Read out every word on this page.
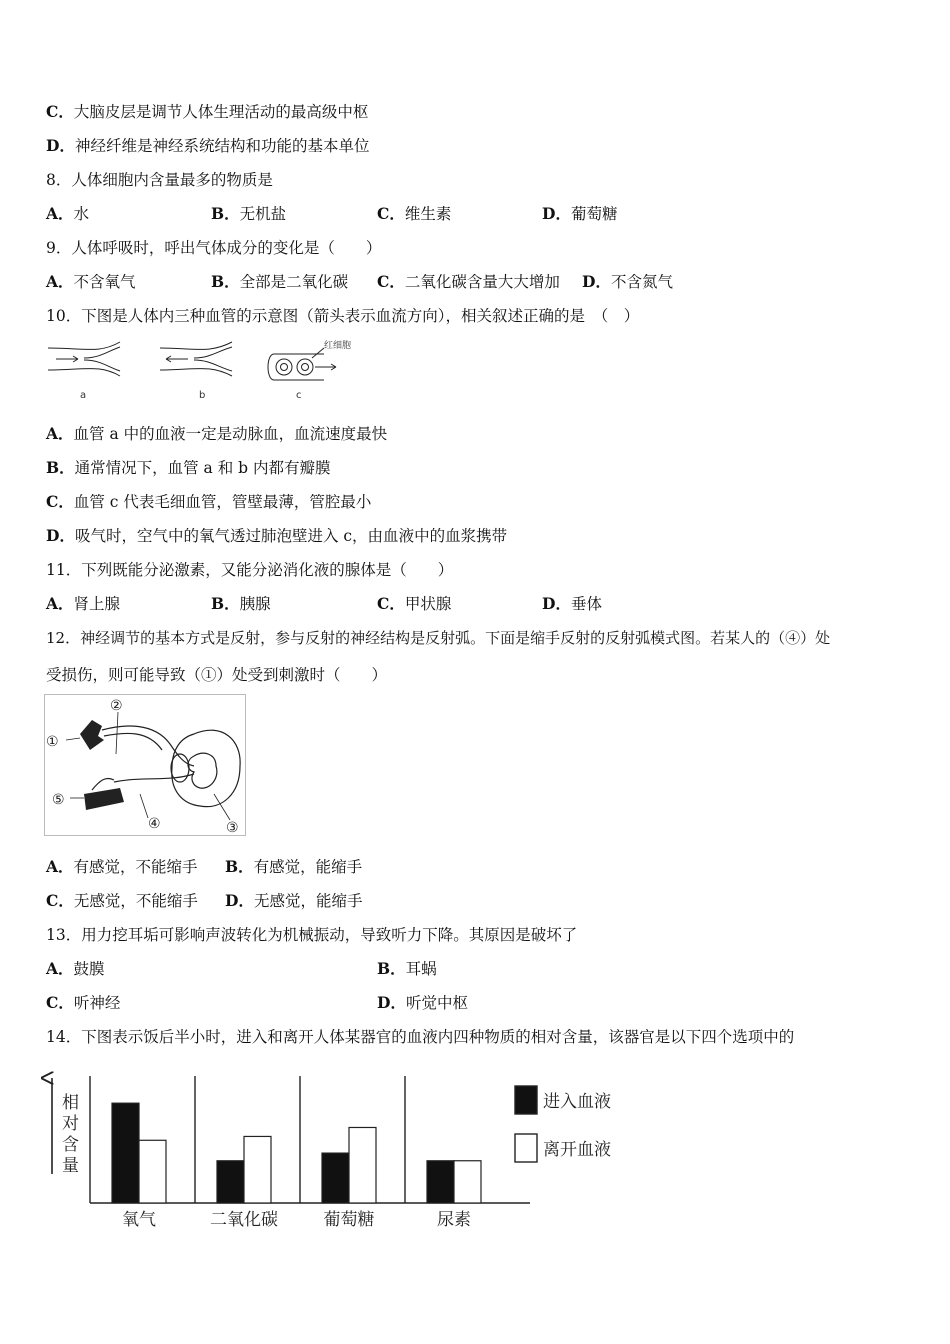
C．大脑皮层是调节人体生理活动的最高级中枢
D．神经纤维是神经系统结构和功能的基本单位
8．人体细胞内含量最多的物质是
A．水	B．无机盐	C．维生素	D．葡萄糖
9．人体呼吸时，呼出气体成分的变化是（　　）
A．不含氧气	B．全部是二氧化碳 C．二氧化碳含量大大增加 D．不含氮气
10．下图是人体内三种血管的示意图（箭头表示血流方向），相关叙述正确的是　（　）
a	b
红细胞
c
A．血管 a 中的血液一定是动脉血，血流速度最快
B．通常情况下，血管 a 和 b 内都有瓣膜
C．血管 c 代表毛细血管，管壁最薄，管腔最小
D．吸气时，空气中的氧气透过肺泡壁进入 c，由血液中的血浆携带
11．下列既能分泌激素，又能分泌消化液的腺体是（　　）
A．肾上腺	B．胰腺	C．甲状腺	D．垂体
12．神经调节的基本方式是反射，参与反射的神经结构是反射弧。下面是缩手反射的反射弧模式图。若某人的（④）处
受损伤，则可能导致（①）处受到刺激时（　　）
①
②
⑤
④	③
A．有感觉，不能缩手 B．有感觉，能缩手
C．无感觉，不能缩手 D．无感觉，能缩手
13．用力挖耳垢可影响声波转化为机械振动，导致听力下降。其原因是破坏了
A．鼓膜	B．耳蜗
C．听神经	D．听觉中枢
14．下图表示饭后半小时，进入和离开人体某器官的血液内四种物质的相对含量，该器官是以下四个选项中的
相
对
含
量
氧气	二氧化碳	葡萄糖	尿素
进入血液
离开血液
